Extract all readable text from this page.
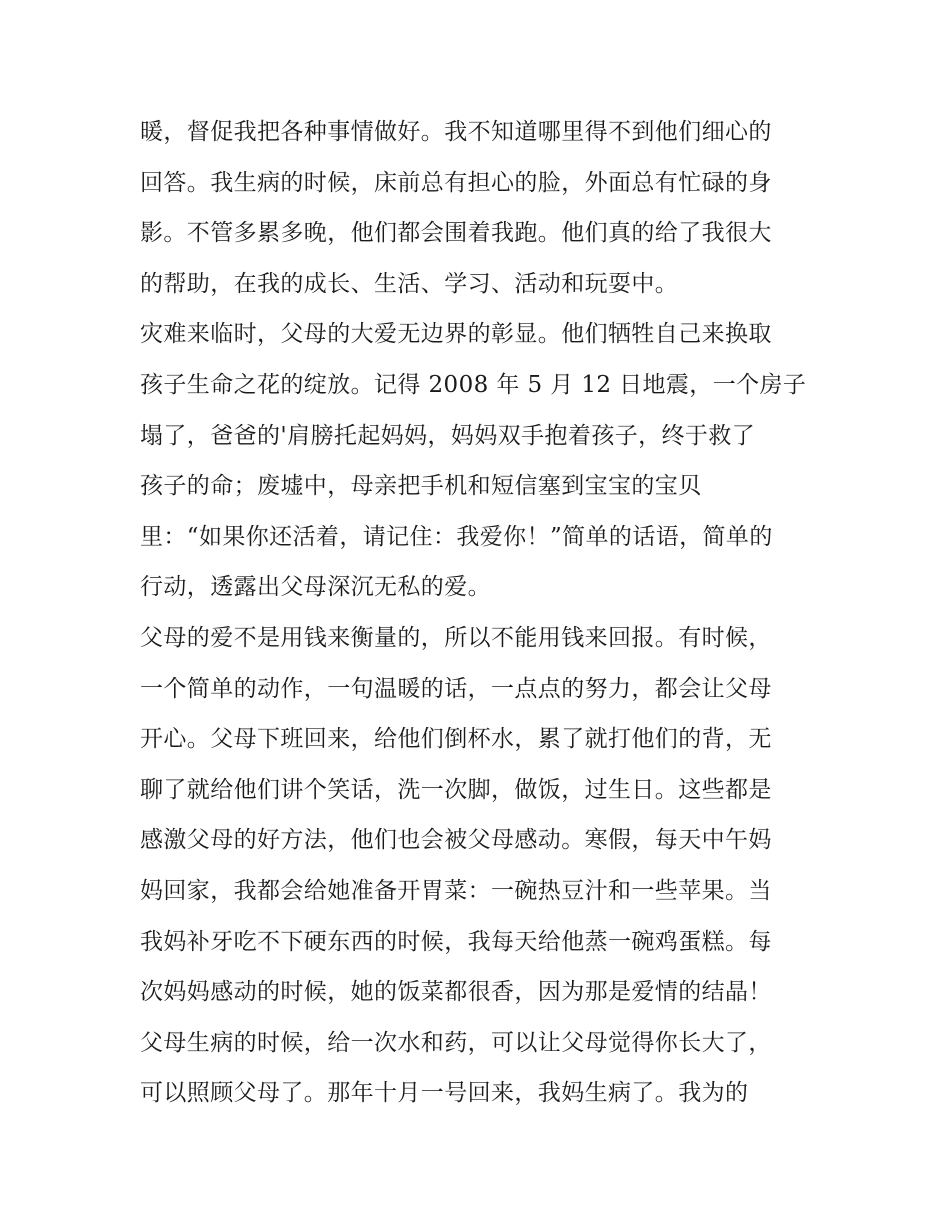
暖，督促我把各种事情做好。我不知道哪里得不到他们细心的
回答。我生病的时候，床前总有担心的脸，外面总有忙碌的身
影。不管多累多晚，他们都会围着我跑。他们真的给了我很大
的帮助，在我的成长、生活、学习、活动和玩耍中。
灾难来临时，父母的大爱无边界的彰显。他们牺牲自己来换取
孩子生命之花的绽放。记得 2008 年 5 月 12 日地震，一个房子
塌了，爸爸的'肩膀托起妈妈，妈妈双手抱着孩子，终于救了
孩子的命；废墟中，母亲把手机和短信塞到宝宝的宝贝
里：“如果你还活着，请记住：我爱你！”简单的话语，简单的
行动，透露出父母深沉无私的爱。
父母的爱不是用钱来衡量的，所以不能用钱来回报。有时候，
一个简单的动作，一句温暖的话，一点点的努力，都会让父母
开心。父母下班回来，给他们倒杯水，累了就打他们的背，无
聊了就给他们讲个笑话，洗一次脚，做饭，过生日。这些都是
感激父母的好方法，他们也会被父母感动。寒假，每天中午妈
妈回家，我都会给她准备开胃菜：一碗热豆汁和一些苹果。当
我妈补牙吃不下硬东西的时候，我每天给他蒸一碗鸡蛋糕。每
次妈妈感动的时候，她的饭菜都很香，因为那是爱情的结晶！
父母生病的时候，给一次水和药，可以让父母觉得你长大了，
可以照顾父母了。那年十月一号回来，我妈生病了。我为的
